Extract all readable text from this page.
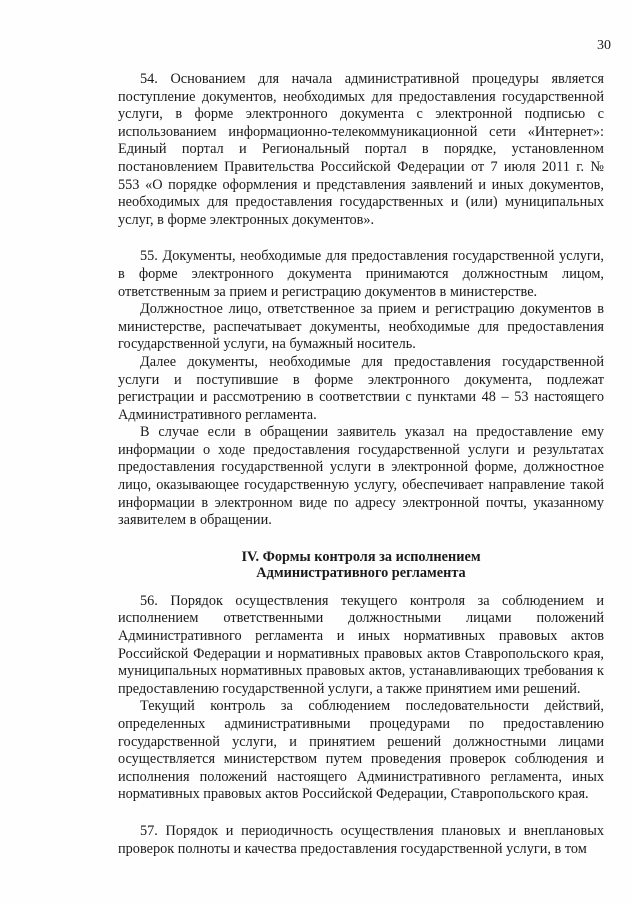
30

54. Основанием для начала административной процедуры является поступление документов, необходимых для предоставления государственной услуги, в форме электронного документа с электронной подписью с использованием информационно-телекоммуникационной сети «Интернет»: Единый портал и Региональный портал в порядке, установленном постановлением Правительства Российской Федерации от 7 июля 2011 г. № 553 «О порядке оформления и представления заявлений и иных документов, необходимых для предоставления государственных и (или) муниципальных услуг, в форме электронных документов».

55. Документы, необходимые для предоставления государственной услуги, в форме электронного документа принимаются должностным лицом, ответственным за прием и регистрацию документов в министерстве.

Должностное лицо, ответственное за прием и регистрацию документов в министерстве, распечатывает документы, необходимые для предоставления государственной услуги, на бумажный носитель.

Далее документы, необходимые для предоставления государственной услуги и поступившие в форме электронного документа, подлежат регистрации и рассмотрению в соответствии с пунктами 48 – 53 настоящего Административного регламента.

В случае если в обращении заявитель указал на предоставление ему информации о ходе предоставления государственной услуги и результатах предоставления государственной услуги в электронной форме, должностное лицо, оказывающее государственную услугу, обеспечивает направление такой информации в электронном виде по адресу электронной почты, указанному заявителем в обращении.

IV. Формы контроля за исполнением
Административного регламента

56. Порядок осуществления текущего контроля за соблюдением и исполнением ответственными должностными лицами положений Административного регламента и иных нормативных правовых актов Российской Федерации и нормативных правовых актов Ставропольского края, муниципальных нормативных правовых актов, устанавливающих требования к предоставлению государственной услуги, а также принятием ими решений.

Текущий контроль за соблюдением последовательности действий, определенных административными процедурами по предоставлению государственной услуги, и принятием решений должностными лицами осуществляется министерством путем проведения проверок соблюдения и исполнения положений настоящего Административного регламента, иных нормативных правовых актов Российской Федерации, Ставропольского края.

57. Порядок и периодичность осуществления плановых и внеплановых проверок полноты и качества предоставления государственной услуги, в том
